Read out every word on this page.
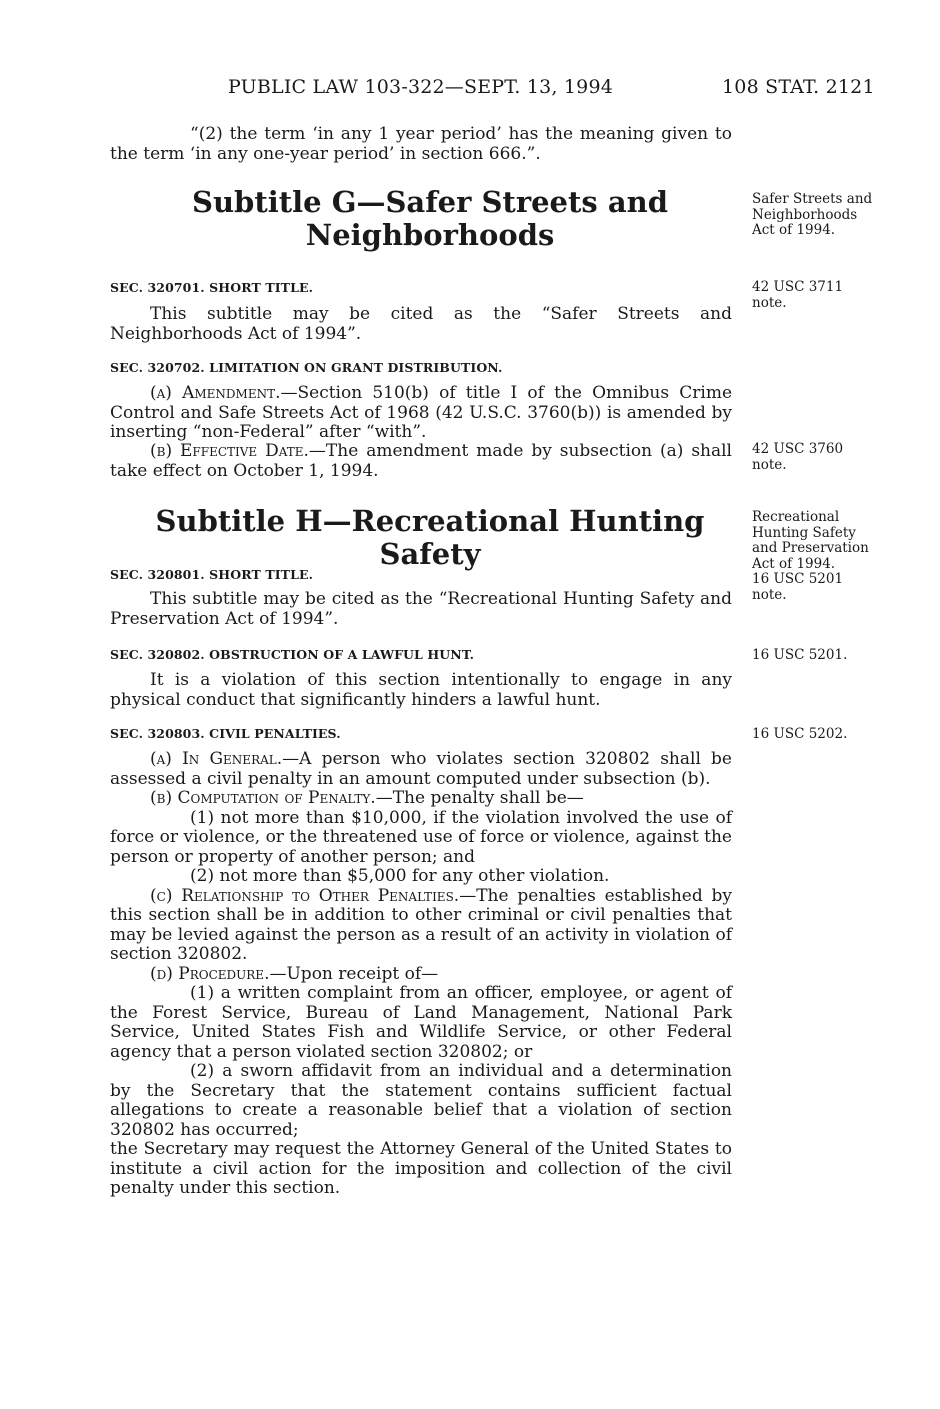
PUBLIC LAW 103-322—SEPT. 13, 1994	108 STAT. 2121
“(2) the term ‘in any 1 year period’ has the meaning given to the term ‘in any one-year period’ in section 666.”.
Subtitle G—Safer Streets and
Neighborhoods
Safer Streets and Neighborhoods Act of 1994.
SEC. 320701. SHORT TITLE.	42 USC 3711 note.
This subtitle may be cited as the “Safer Streets and Neighborhoods Act of 1994”.
SEC. 320702. LIMITATION ON GRANT DISTRIBUTION.
(a) Amendment.—Section 510(b) of title I of the Omnibus Crime Control and Safe Streets Act of 1968 (42 U.S.C. 3760(b)) is amended by inserting “non-Federal” after “with”.
(b) Effective Date.—The amendment made by subsection (a) shall take effect on October 1, 1994.
42 USC 3760 note.
Subtitle H—Recreational Hunting Safety
Recreational Hunting Safety and Preservation Act of 1994.
16 USC 5201 note.
SEC. 320801. SHORT TITLE.
This subtitle may be cited as the “Recreational Hunting Safety and Preservation Act of 1994”.
SEC. 320802. OBSTRUCTION OF A LAWFUL HUNT.	16 USC 5201.
It is a violation of this section intentionally to engage in any physical conduct that significantly hinders a lawful hunt.
SEC. 320803. CIVIL PENALTIES.	16 USC 5202.

(a) In General.—A person who violates section 320802 shall be assessed a civil penalty in an amount computed under subsection (b).

(b) Computation of Penalty.—The penalty shall be—

(1) not more than $10,000, if the violation involved the use of force or violence, or the threatened use of force or violence, against the person or property of another person; and

(2) not more than $5,000 for any other violation.

(c) Relationship to Other Penalties.—The penalties established by this section shall be in addition to other criminal or civil penalties that may be levied against the person as a result of an activity in violation of section 320802.

(d) Procedure.—Upon receipt of—

(1) a written complaint from an officer, employee, or agent of the Forest Service, Bureau of Land Management, National Park Service, United States Fish and Wildlife Service, or other Federal agency that a person violated section 320802; or

(2) a sworn affidavit from an individual and a determination by the Secretary that the statement contains sufficient factual allegations to create a reasonable belief that a violation of section 320802 has occurred;

the Secretary may request the Attorney General of the United States to institute a civil action for the imposition and collection of the civil penalty under this section.
